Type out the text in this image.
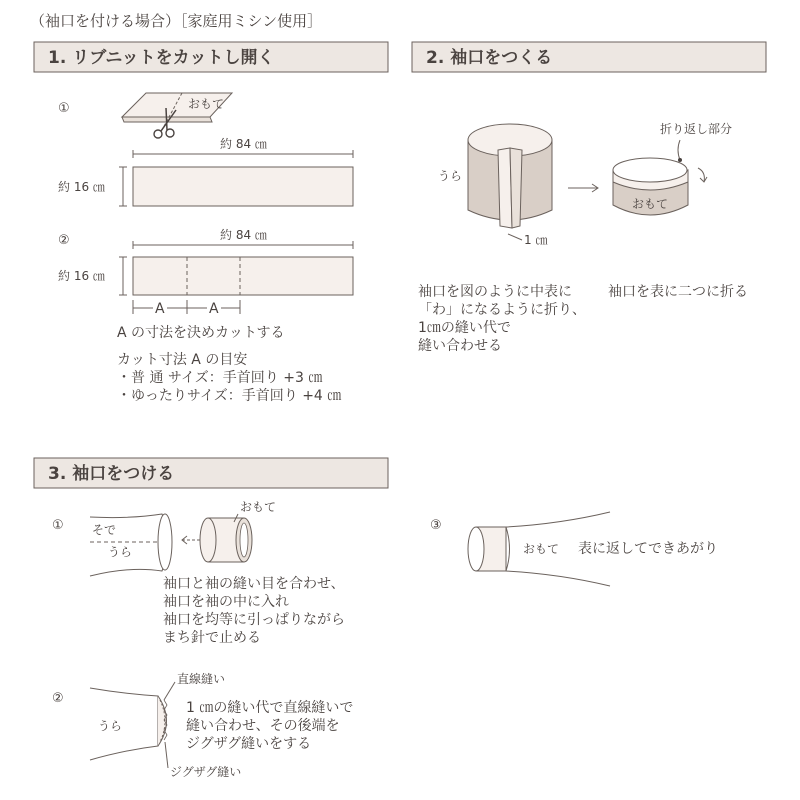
（袖口を付ける場合）［家庭用ミシン使用］
1. リブニットをカットし開く	2. 袖口をつくる
①	おもて
約 84 ㎝
約 16 ㎝
②	約 84 ㎝
約 16 ㎝
A	A
A の寸法を決めカットする
カット寸法 A の目安
・普 通 サイズ：手首回り +3 ㎝
・ゆったりサイズ：手首回り +4 ㎝
うら
1 ㎝
おもて
折り返し部分
袖口を図のように中表に
「わ」になるように折り、
1㎝の縫い代で
縫い合わせる
袖口を表に二つに折る
3. 袖口をつける
① そで
うら
おもて
袖口と袖の縫い目を合わせ、
袖口を袖の中に入れ
袖口を均等に引っぱりながら
まち針で止める
②
うら
直線縫い
ジグザグ縫い
1 ㎝の縫い代で直線縫いで
縫い合わせ、その後端を
ジグザグ縫いをする
③
おもて 表に返してできあがり
